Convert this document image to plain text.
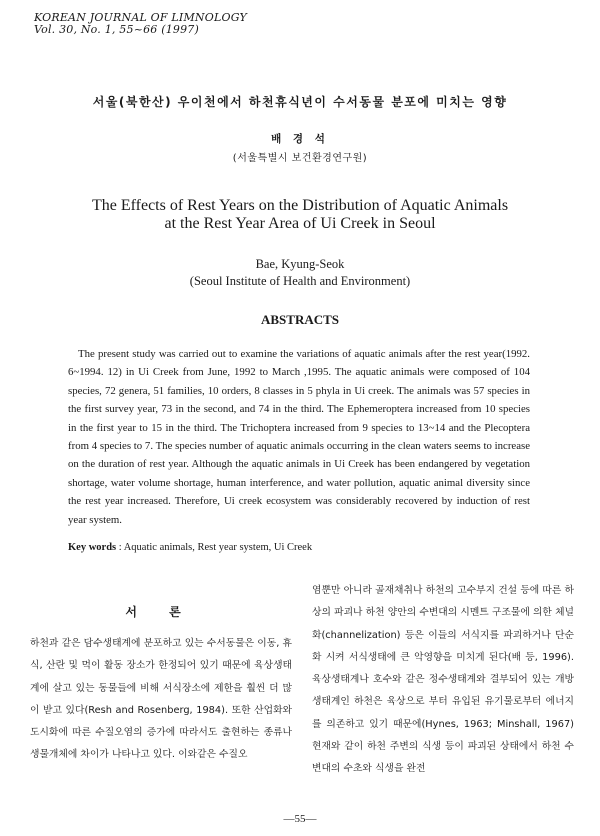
KOREAN JOURNAL OF LIMNOLOGY
Vol. 30, No. 1, 55~66 (1997)
서울(북한산) 우이천에서 하천휴식년이 수서동물 분포에 미치는 영향
배 경 석
(서울특별시 보건환경연구원)
The Effects of Rest Years on the Distribution of Aquatic Animals
at the Rest Year Area of Ui Creek in Seoul
Bae, Kyung-Seok
(Seoul Institute of Health and Environment)
ABSTRACTS

The present study was carried out to examine the variations of aquatic animals after the rest year(1992. 6~1994. 12) in Ui Creek from June, 1992 to March ,1995. The aquatic animals were composed of 104 species, 72 genera, 51 families, 10 orders, 8 classes in 5 phyla in Ui creek. The animals was 57 species in the first survey year, 73 in the second, and 74 in the third. The Ephemeroptera increased from 10 species in the first year to 15 in the third. The Trichoptera increased from 9 species to 13~14 and the Plecoptera from 4 species to 7. The species number of aquatic animals occurring in the clean waters seems to increase on the duration of rest year. Although the aquatic animals in Ui Creek has been endangered by vegetation shortage, water volume shortage, human interference, and water pollution, aquatic animal diversity since the rest year increased. Therefore, Ui creek ecosystem was considerably recovered by induction of rest year system.

Key words : Aquatic animals, Rest year system, Ui Creek
서 론

하천과 같은 담수생태계에 분포하고 있는 수서동물은 이동, 휴식, 산란 및 먹이 활동 장소가 한정되어 있기 때문에 육상생태계에 살고 있는 동물들에 비해 서식장소에 제한을 훨씬 더 많이 받고 있다(Resh and Rosenberg, 1984). 또한 산업화와 도시화에 따른 수질오염의 증가에 따라서도 출현하는 종류나 생물개체에 차이가 나타나고 있다. 이와같은 수질오

염뿐만 아니라 골재채취나 하천의 고수부지 건설 등에 따른 하상의 파괴나 하천 양안의 수변대의 시멘트 구조물에 의한 체널화(channelization) 등은 이들의 서식지를 파괴하거나 단순화 시켜 서식생태에 큰 악영향을 미치게 된다(배 등, 1996). 육상생태계나 호수와 같은 정수생태계와 결부되어 있는 개방생태계인 하천은 육상으로 부터 유입된 유기물로부터 에너지를 의존하고 있기 때문에(Hynes, 1963; Minshall, 1967) 현재와 같이 하천 주변의 식생 등이 파괴된 상태에서 하천 수변대의 수초와 식생을 완전

—55—
